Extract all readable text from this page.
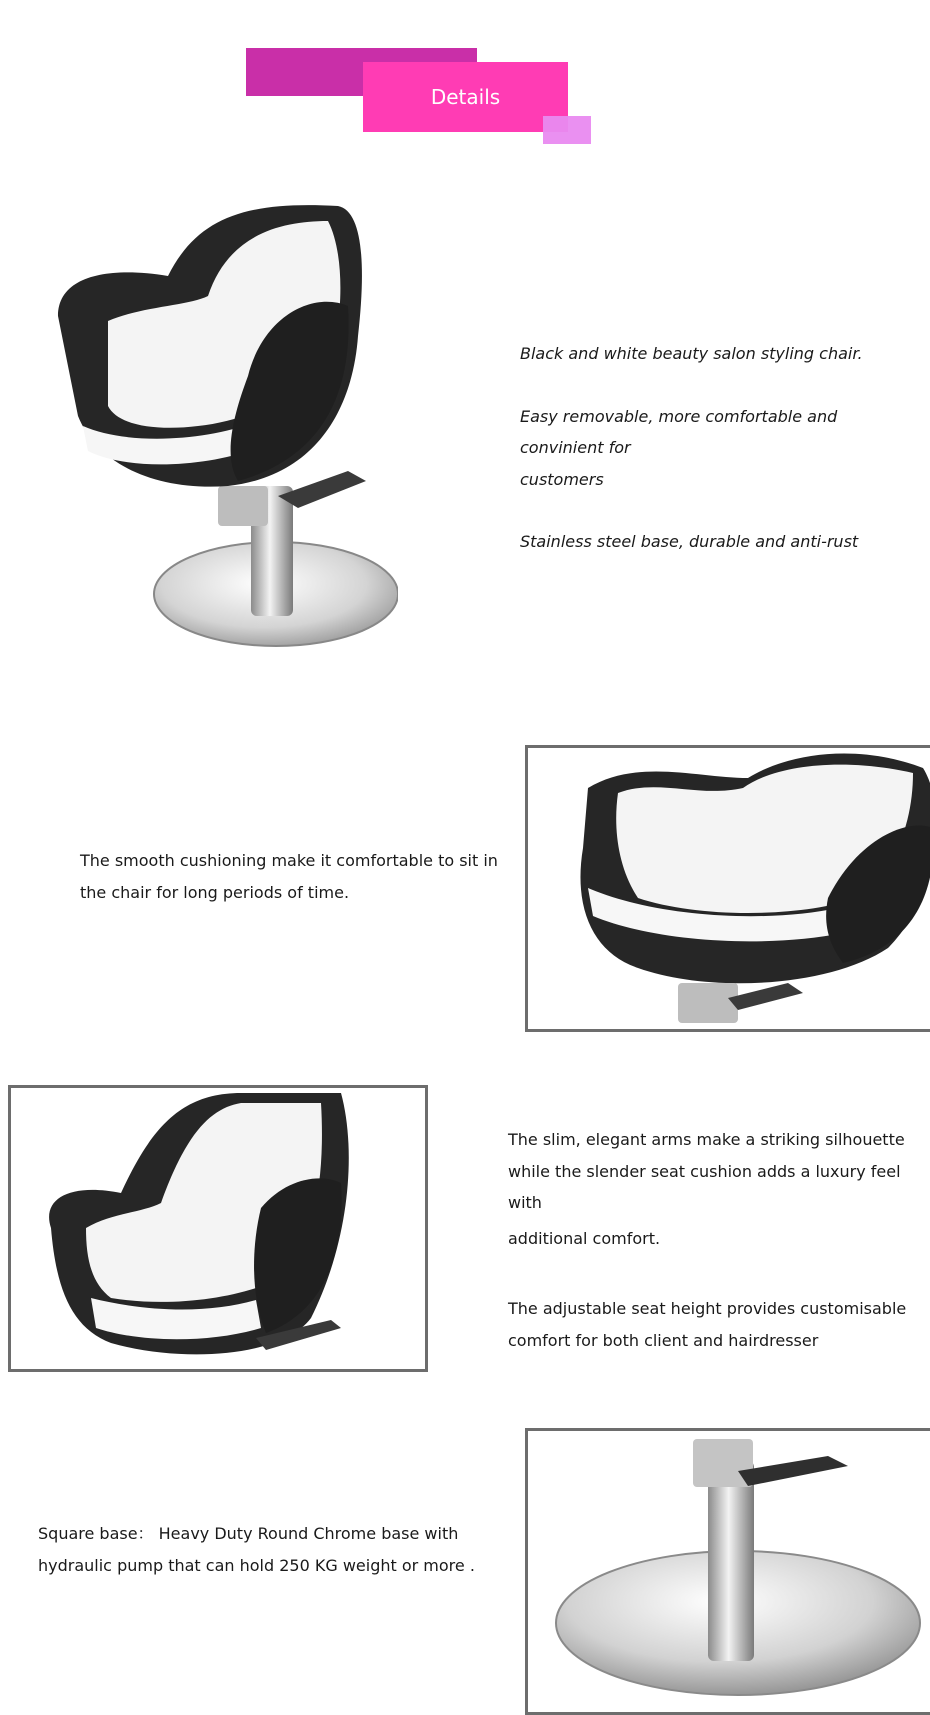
Details

Black and white beauty salon styling chair.

Easy removable, more comfortable and convinient for

customers

Stainless steel base, durable and anti-rust

The smooth cushioning make it comfortable to sit in

the chair for long periods of time.

The slim, elegant arms make a striking silhouette

while the slender seat cushion adds a luxury feel with

additional comfort.

The adjustable seat height provides customisable

comfort for both client and hairdresser

Square base： Heavy Duty Round Chrome base with

hydraulic pump that can hold 250 KG weight or more .
